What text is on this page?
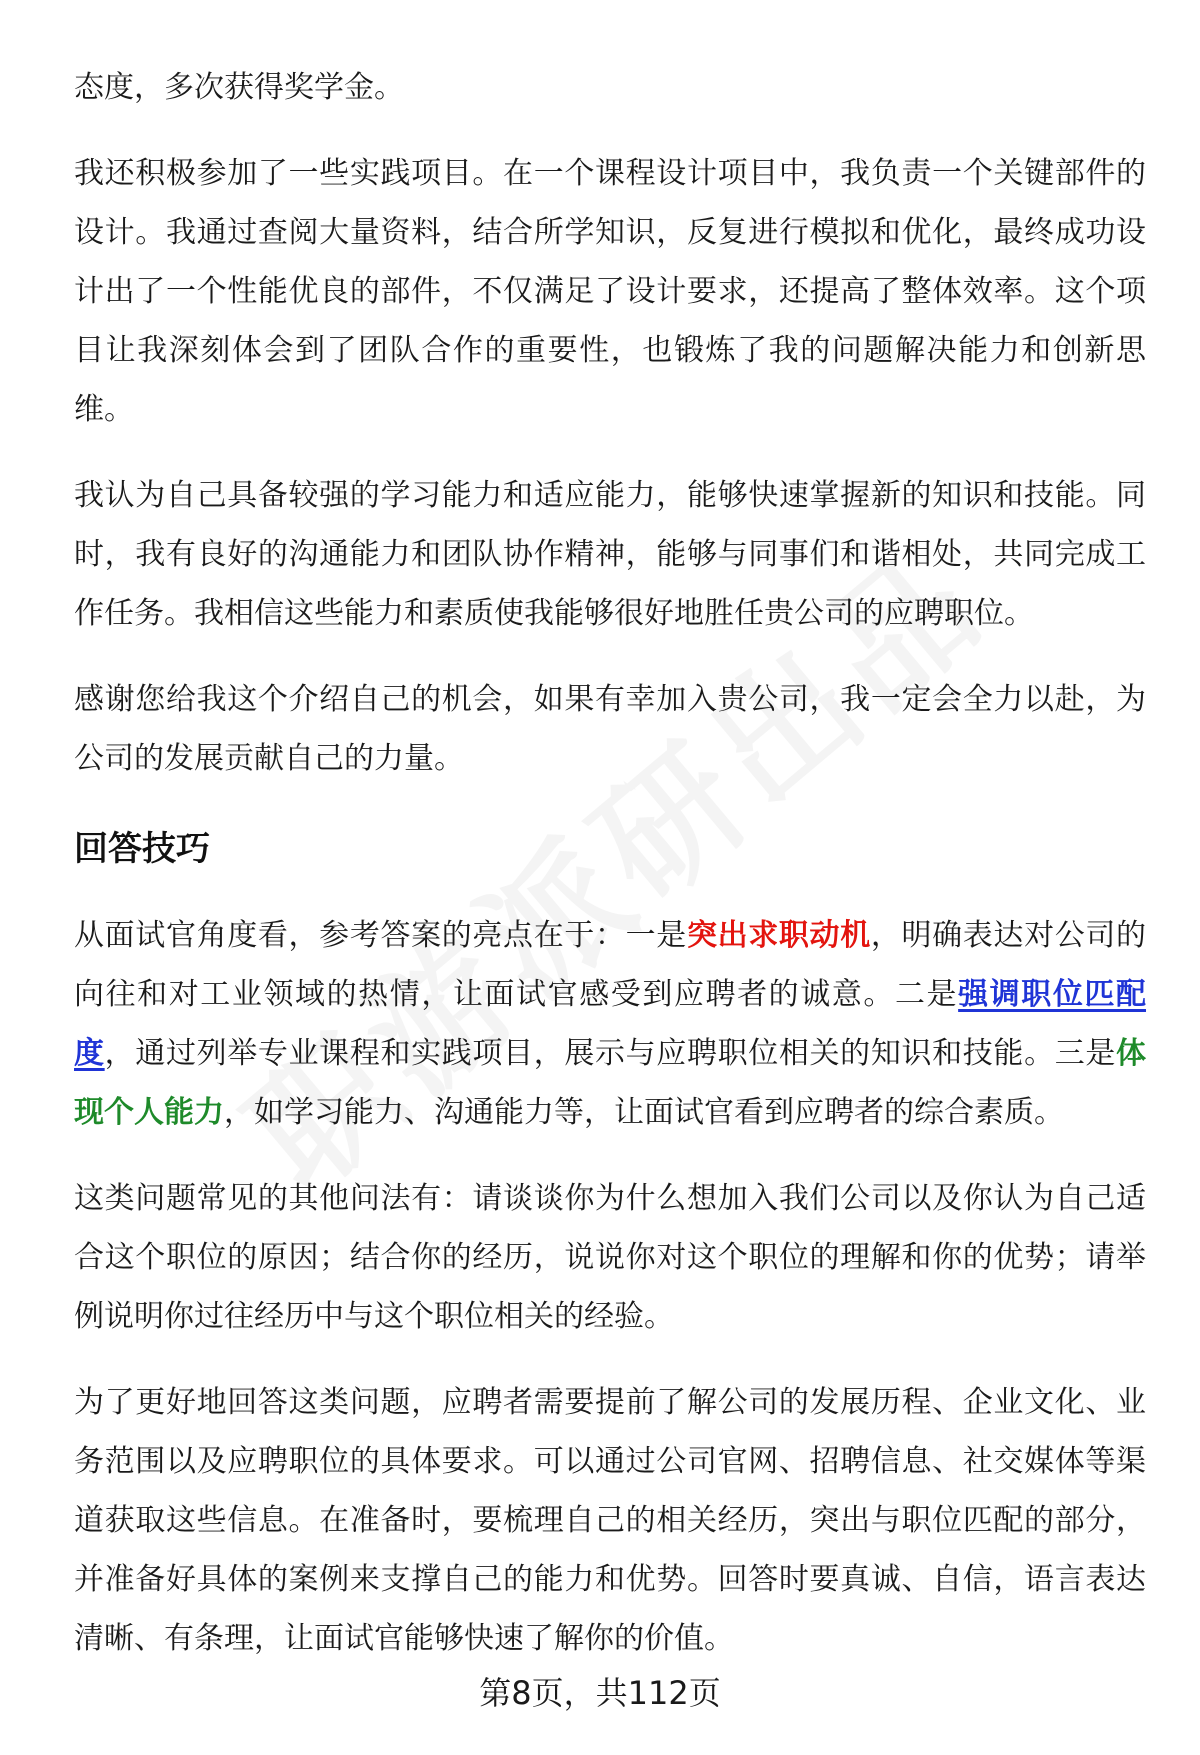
态度，多次获得奖学金。

我还积极参加了一些实践项目。在一个课程设计项目中，我负责一个关键部件的设计。我通过查阅大量资料，结合所学知识，反复进行模拟和优化，最终成功设计出了一个性能优良的部件，不仅满足了设计要求，还提高了整体效率。这个项目让我深刻体会到了团队合作的重要性，也锻炼了我的问题解决能力和创新思维。

我认为自己具备较强的学习能力和适应能力，能够快速掌握新的知识和技能。同时，我有良好的沟通能力和团队协作精神，能够与同事们和谐相处，共同完成工作任务。我相信这些能力和素质使我能够很好地胜任贵公司的应聘职位。

感谢您给我这个介绍自己的机会，如果有幸加入贵公司，我一定会全力以赴，为公司的发展贡献自己的力量。

回答技巧

从面试官角度看，参考答案的亮点在于：一是突出求职动机，明确表达对公司的向往和对工业领域的热情，让面试官感受到应聘者的诚意。二是强调职位匹配度，通过列举专业课程和实践项目，展示与应聘职位相关的知识和技能。三是体现个人能力，如学习能力、沟通能力等，让面试官看到应聘者的综合素质。

这类问题常见的其他问法有：请谈谈你为什么想加入我们公司以及你认为自己适合这个职位的原因；结合你的经历，说说你对这个职位的理解和你的优势；请举例说明你过往经历中与这个职位相关的经验。

为了更好地回答这类问题，应聘者需要提前了解公司的发展历程、企业文化、业务范围以及应聘职位的具体要求。可以通过公司官网、招聘信息、社交媒体等渠道获取这些信息。在准备时，要梳理自己的相关经历，突出与职位匹配的部分，并准备好具体的案例来支撑自己的能力和优势。回答时要真诚、自信，语言表达清晰、有条理，让面试官能够快速了解你的价值。

第8页，共112页
